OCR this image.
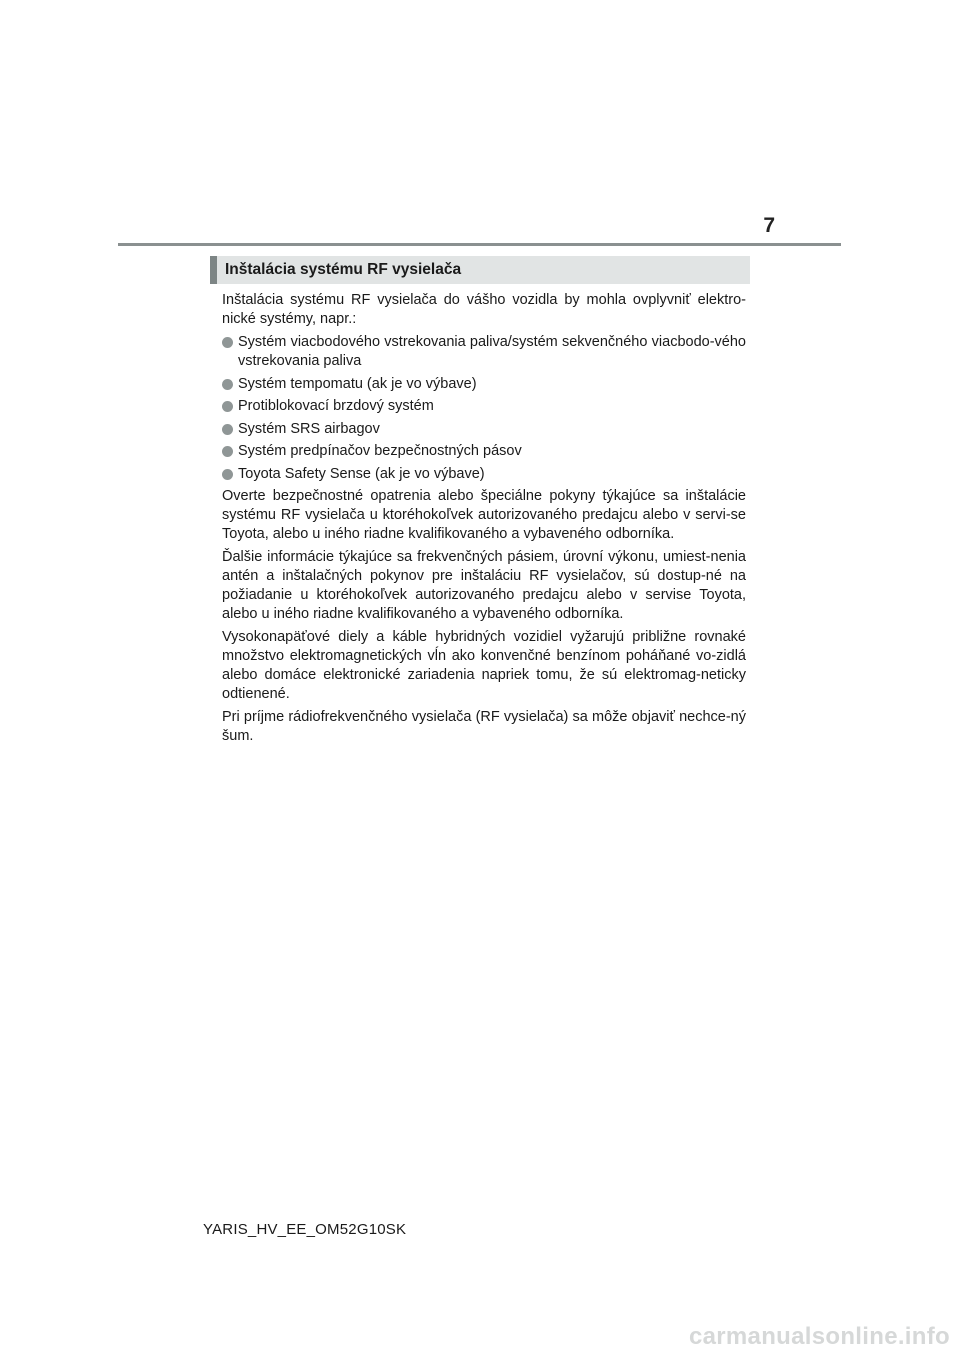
7
Inštalácia systému RF vysielača

Inštalácia systému RF vysielača do vášho vozidla by mohla ovplyvniť elektro-nické systémy, napr.:

Systém viacbodového vstrekovania paliva/systém sekvenčného viacbodo-vého vstrekovania paliva
Systém tempomatu (ak je vo výbave)
Protiblokovací brzdový systém
Systém SRS airbagov
Systém predpínačov bezpečnostných pásov
Toyota Safety Sense (ak je vo výbave)

Overte bezpečnostné opatrenia alebo špeciálne pokyny týkajúce sa inštalácie systému RF vysielača u ktoréhokoľvek autorizovaného predajcu alebo v servi-se Toyota, alebo u iného riadne kvalifikovaného a vybaveného odborníka.

Ďalšie informácie týkajúce sa frekvenčných pásiem, úrovní výkonu, umiest-nenia antén a inštalačných pokynov pre inštaláciu RF vysielačov, sú dostup-né na požiadanie u ktoréhokoľvek autorizovaného predajcu alebo v servise Toyota, alebo u iného riadne kvalifikovaného a vybaveného odborníka.

Vysokonapäťové diely a káble hybridných vozidiel vyžarujú približne rovnaké množstvo elektromagnetických vĺn ako konvenčné benzínom poháňané vo-zidlá alebo domáce elektronické zariadenia napriek tomu, že sú elektromag-neticky odtienené.

Pri príjme rádiofrekvenčného vysielača (RF vysielača) sa môže objaviť nechce-ný šum.

YARIS_HV_EE_OM52G10SK
carmanualsonline.info
